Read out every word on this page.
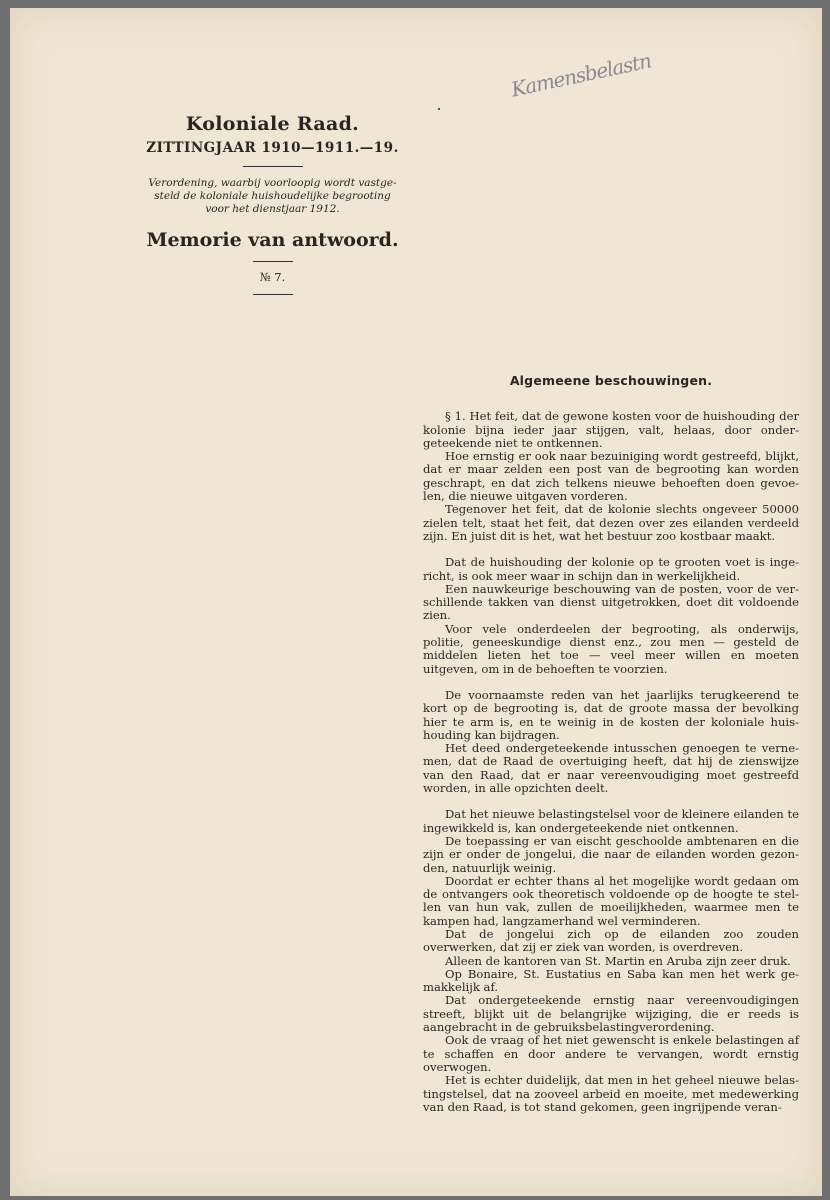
Koloniale Raad.
ZITTINGJAAR 1910—1911.—19.
Verordening, waarbij voorloopig wordt vastge- steld de koloniale huishoudelijke begrooting voor het dienstjaar 1912.
Memorie van antwoord.
№ 7.
Kamensbelastn
Algemeene beschouwingen.

§ 1. Het feit, dat de gewone kosten voor de huishouding der kolonie bijna ieder jaar stijgen, valt, helaas, door onder- geteekende niet te ontkennen.

Hoe ernstig er ook naar bezuiniging wordt gestreefd, blijkt, dat er maar zelden een post van de begrooting kan worden geschrapt, en dat zich telkens nieuwe behoeften doen gevoe- len, die nieuwe uitgaven vorderen.

Tegenover het feit, dat de kolonie slechts ongeveer 50000 zielen telt, staat het feit, dat dezen over zes eilanden verdeeld zijn. En juist dit is het, wat het bestuur zoo kostbaar maakt.

Dat de huishouding der kolonie op te grooten voet is inge- richt, is ook meer waar in schijn dan in werkelijkheid.

Een nauwkeurige beschouwing van de posten, voor de ver- schillende takken van dienst uitgetrokken, doet dit voldoende zien.

Voor vele onderdeelen der begrooting, als onderwijs, politie, geneeskundige dienst enz., zou men — gesteld de middelen lieten het toe — veel meer willen en moeten uitgeven, om in de behoeften te voorzien.

De voornaamste reden van het jaarlijks terugkeerend te kort op de begrooting is, dat de groote massa der bevolking hier te arm is, en te weinig in de kosten der koloniale huis- houding kan bijdragen.

Het deed ondergeteekende intusschen genoegen te verne- men, dat de Raad de overtuiging heeft, dat hij de zienswijze van den Raad, dat er naar vereenvoudiging moet gestreefd worden, in alle opzichten deelt.

Dat het nieuwe belastingstelsel voor de kleinere eilanden te ingewikkeld is, kan ondergeteekende niet ontkennen.

De toepassing er van eischt geschoolde ambtenaren en die zijn er onder de jongelui, die naar de eilanden worden gezon- den, natuurlijk weinig.

Doordat er echter thans al het mogelijke wordt gedaan om de ontvangers ook theoretisch voldoende op de hoogte te stel- len van hun vak, zullen de moeilijkheden, waarmee men te kampen had, langzamerhand wel verminderen.

Dat de jongelui zich op de eilanden zoo zouden overwerken, dat zij er ziek van worden, is overdreven.

Alleen de kantoren van St. Martin en Aruba zijn zeer druk.

Op Bonaire, St. Eustatius en Saba kan men het werk ge- makkelijk af.

Dat ondergeteekende ernstig naar vereenvoudigingen streeft, blijkt uit de belangrijke wijziging, die er reeds is aangebracht in de gebruiksbelastingverordening.

Ook de vraag of het niet gewenscht is enkele belastingen af te schaffen en door andere te vervangen, wordt ernstig overwogen.

Het is echter duidelijk, dat men in het geheel nieuwe belas- tingstelsel, dat na zooveel arbeid en moeite, met medewerking van den Raad, is tot stand gekomen, geen ingrijpende veran-
